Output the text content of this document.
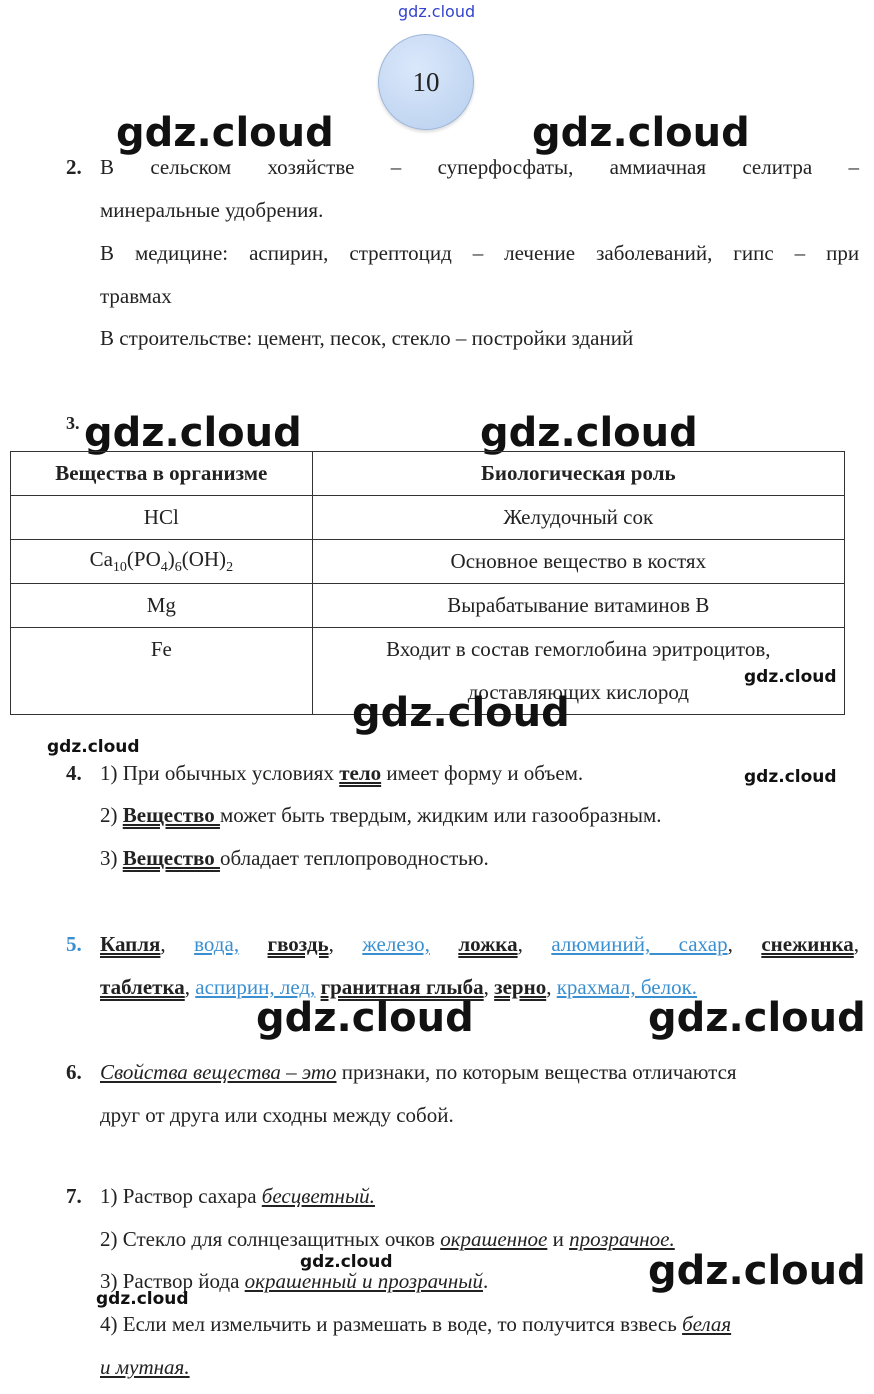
gdz.cloud
10
gdz.cloud	gdz.cloud
2. В сельском хозяйстве – суперфосфаты, аммиачная селитра –
минеральные удобрения.
В медицине: аспирин, стрептоцид – лечение заболеваний, гипс – при
травмах
В строительстве: цемент, песок, стекло – постройки зданий
3. gdz.cloud	gdz.cloud
Вещества в организме	Биологическая роль
HCl	Желудочный сок
$Ca_{10}(PO_4)_6(OH)_2$	Основное вещество в костях
Mg	Вырабатывание витаминов B
Fe	Входит в состав гемоглобина эритроцитов,
доставляющих кислород
gdz.cloud
gdz.cloud
gdz.cloud
4. 1) При обычных условиях тело имеет форму и объем.	gdz.cloud
2) Вещество может быть твердым, жидким или газообразным.
3) Вещество обладает теплопроводностью.
5. Капля, вода, гвоздь, железо, ложка, алюминий, сахар, снежинка,
таблетка, аспирин, лед, гранитная глыба, зерно, крахмал, белок.
gdz.cloud	gdz.cloud
6. Свойства вещества – это признаки, по которым вещества отличаются
друг от друга или сходны между собой.
7. 1) Раствор сахара бесцветный.
2) Стекло для солнцезащитных очков окрашенное и прозрачное.
gdz.cloud
3) Раствор йода окрашенный и прозрачный.	gdz.cloud
gdz.cloud
4) Если мел измельчить и размешать в воде, то получится взвесь белая
и мутная.
